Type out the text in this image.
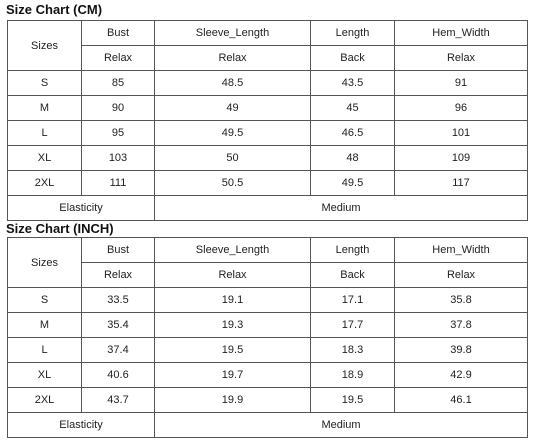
Size Chart (CM)
Sizes	Bust	Sleeve_Length	Length	Hem_Width
	Relax	Relax	Back	Relax
S	85	48.5	43.5	91
M	90	49	45	96
L	95	49.5	46.5	101
XL	103	50	48	109
2XL	111	50.5	49.5	117
Elasticity		Medium		
Size Chart (INCH)
Sizes	Bust	Sleeve_Length	Length	Hem_Width
	Relax	Relax	Back	Relax
S	33.5	19.1	17.1	35.8
M	35.4	19.3	17.7	37.8
L	37.4	19.5	18.3	39.8
XL	40.6	19.7	18.9	42.9
2XL	43.7	19.9	19.5	46.1
Elasticity		Medium		
